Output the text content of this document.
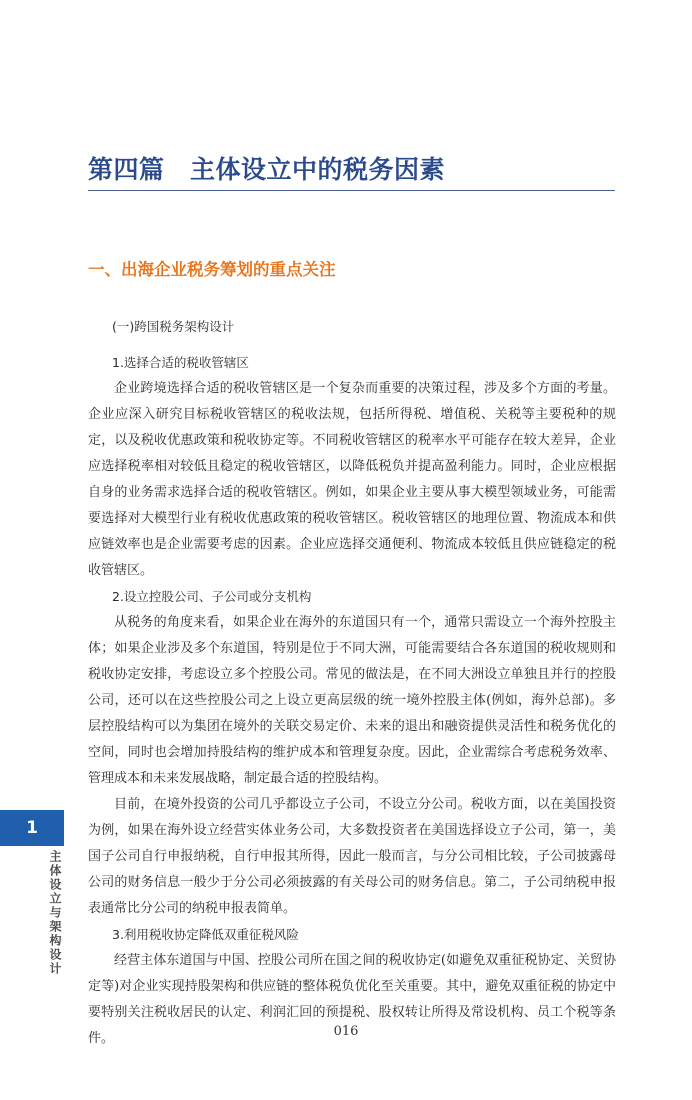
第四篇　主体设立中的税务因素
一、出海企业税务筹划的重点关注
(一)跨国税务架构设计
1.选择合适的税收管辖区

企业跨境选择合适的税收管辖区是一个复杂而重要的决策过程，涉及多个方面的考量。企业应深入研究目标税收管辖区的税收法规，包括所得税、增值税、关税等主要税种的规定，以及税收优惠政策和税收协定等。不同税收管辖区的税率水平可能存在较大差异，企业应选择税率相对较低且稳定的税收管辖区，以降低税负并提高盈利能力。同时，企业应根据自身的业务需求选择合适的税收管辖区。例如，如果企业主要从事大模型领域业务，可能需要选择对大模型行业有税收优惠政策的税收管辖区。税收管辖区的地理位置、物流成本和供应链效率也是企业需要考虑的因素。企业应选择交通便利、物流成本较低且供应链稳定的税收管辖区。

2.设立控股公司、子公司或分支机构

从税务的角度来看，如果企业在海外的东道国只有一个，通常只需设立一个海外控股主体；如果企业涉及多个东道国，特别是位于不同大洲，可能需要结合各东道国的税收规则和税收协定安排，考虑设立多个控股公司。常见的做法是，在不同大洲设立单独且并行的控股公司，还可以在这些控股公司之上设立更高层级的统一境外控股主体(例如，海外总部)。多层控股结构可以为集团在境外的关联交易定价、未来的退出和融资提供灵活性和税务优化的空间，同时也会增加持股结构的维护成本和管理复杂度。因此，企业需综合考虑税务效率、管理成本和未来发展战略，制定最合适的控股结构。

目前，在境外投资的公司几乎都设立子公司，不设立分公司。税收方面，以在美国投资为例，如果在海外设立经营实体业务公司，大多数投资者在美国选择设立子公司，第一，美国子公司自行申报纳税，自行申报其所得，因此一般而言，与分公司相比较，子公司披露母公司的财务信息一般少于分公司必须披露的有关母公司的财务信息。第二，子公司纳税申报表通常比分公司的纳税申报表简单。

3.利用税收协定降低双重征税风险

经营主体东道国与中国、控股公司所在国之间的税收协定(如避免双重征税协定、关贸协定等)对企业实现持股架构和供应链的整体税负优化至关重要。其中，避免双重征税的协定中要特别关注税收居民的认定、利润汇回的预提税、股权转让所得及常设机构、员工个税等条件。

1
主体设立与架构设计
016
